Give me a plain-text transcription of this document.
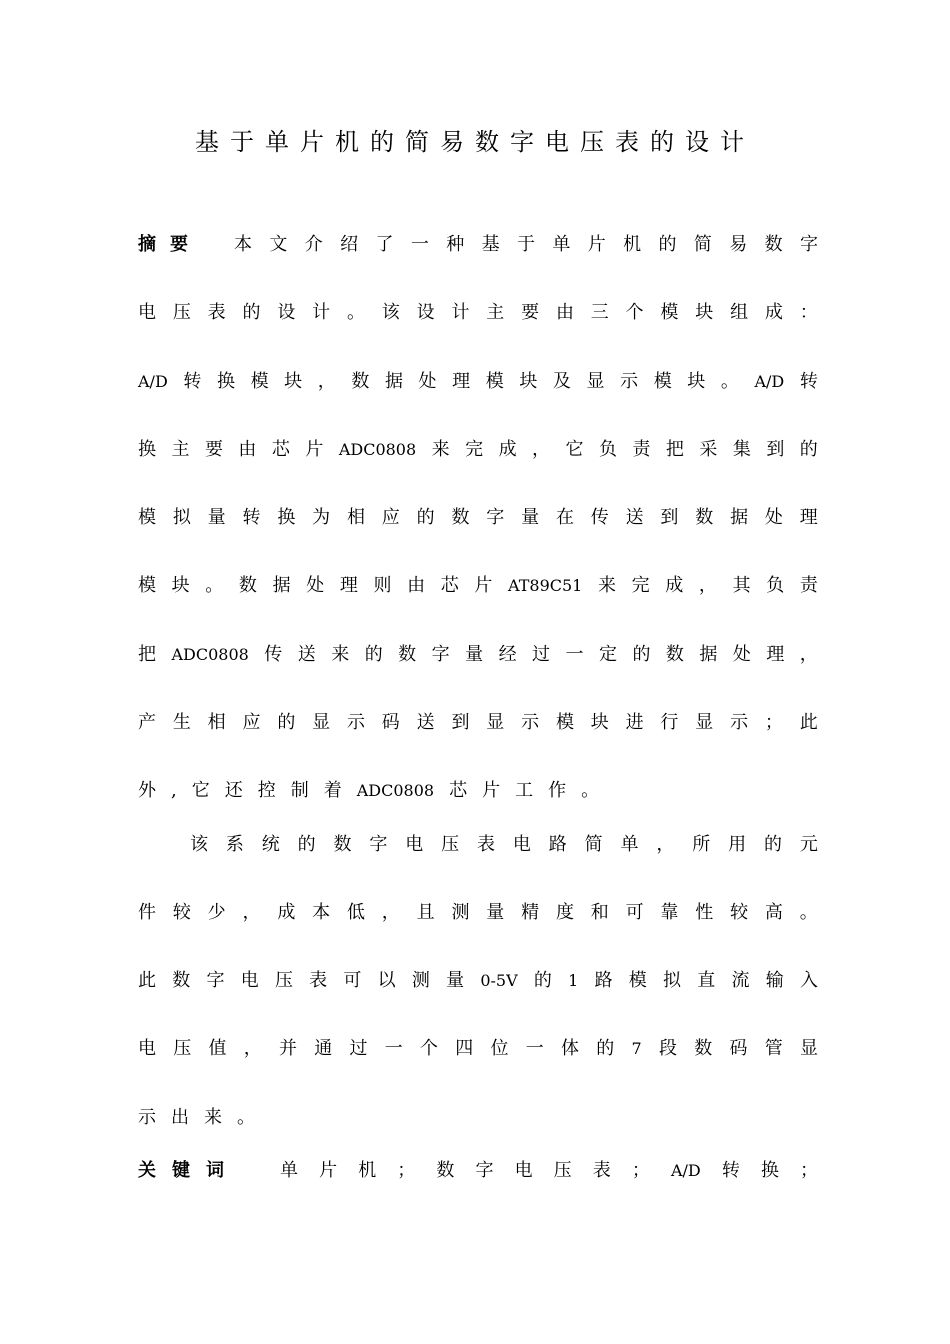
基于单片机的简易数字电压表的设计
摘要 本 文 介 绍 了 一 种 基 于 单 片 机 的 简 易 数 字
电 压 表 的 设 计 。 该 设 计 主 要 由 三 个 模 块 组 成 ：
A/D 转 换 模 块 ， 数 据 处 理 模 块 及 显 示 模 块 。 A/D 转
换 主 要 由 芯 片 ADC0808 来 完 成 ， 它 负 责 把 采 集 到 的
模 拟 量 转 换 为 相 应 的 数 字 量 在 传 送 到 数 据 处 理
模 块 。 数 据 处 理 则 由 芯 片 AT89C51 来 完 成 ， 其 负 责
把 ADC0808 传 送 来 的 数 字 量 经 过 一 定 的 数 据 处 理 ，
产 生 相 应 的 显 示 码 送 到 显 示 模 块 进 行 显 示 ； 此
外 , 它 还 控 制 着 ADC0808 芯 片 工 作 。
该 系 统 的 数 字 电 压 表 电 路 简 单 ， 所 用 的 元
件 较 少 ， 成 本 低 ， 且 测 量 精 度 和 可 靠 性 较 高 。
此 数 字 电 压 表 可 以 测 量 0-5V 的 1 路 模 拟 直 流 输 入
电 压 值 ， 并 通 过 一 个 四 位 一 体 的 7 段 数 码 管 显
示 出 来 。
关键词 单 片 机 ； 数 字 电 压 表 ； A/D 转 换 ；
